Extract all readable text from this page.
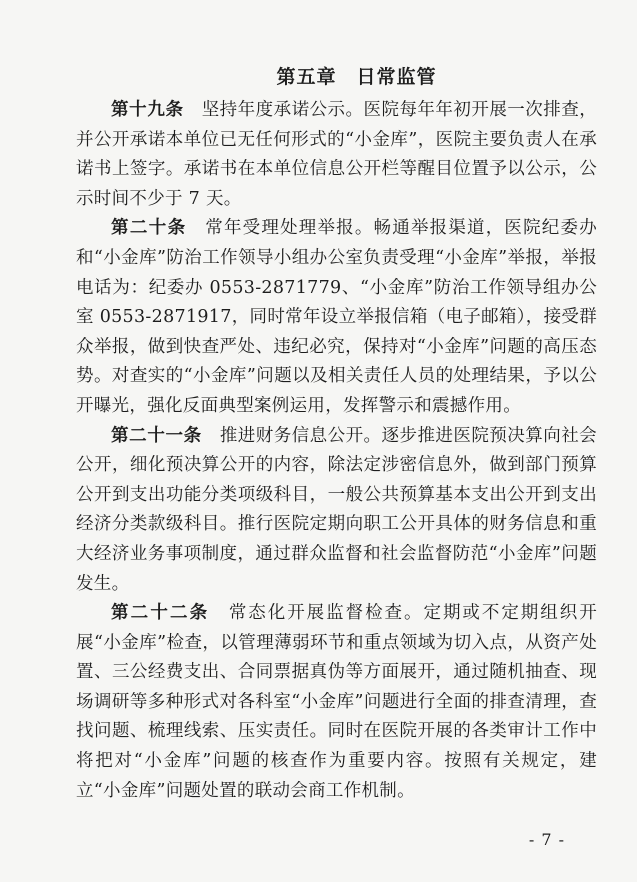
第五章　日常监管

第十九条　 坚持年度承诺公示。医院每年年初开展一次排查，并公开承诺本单位已无任何形式的“小金库”，医院主要负责人在承诺书上签字。承诺书在本单位信息公开栏等醒目位置予以公示，公示时间不少于 7 天。

第二十条　 常年受理处理举报。畅通举报渠道，医院纪委办和“小金库”防治工作领导小组办公室负责受理“小金库”举报，举报电话为：纪委办 0553-2871779、“小金库”防治工作领导组办公室 0553-2871917，同时常年设立举报信箱（电子邮箱），接受群众举报，做到快查严处、违纪必究，保持对“小金库”问题的高压态势。对查实的“小金库”问题以及相关责任人员的处理结果，予以公开曝光，强化反面典型案例运用，发挥警示和震撼作用。

第二十一条　 推进财务信息公开。逐步推进医院预决算向社会公开，细化预决算公开的内容，除法定涉密信息外，做到部门预算公开到支出功能分类项级科目，一般公共预算基本支出公开到支出经济分类款级科目。推行医院定期向职工公开具体的财务信息和重大经济业务事项制度，通过群众监督和社会监督防范“小金库”问题发生。

第二十二条　 常态化开展监督检查。定期或不定期组织开展“小金库”检查，以管理薄弱环节和重点领域为切入点，从资产处置、三公经费支出、合同票据真伪等方面展开，通过随机抽查、现场调研等多种形式对各科室“小金库”问题进行全面的排查清理，查找问题、梳理线索、压实责任。同时在医院开展的各类审计工作中将把对“小金库”问题的核查作为重要内容。按照有关规定，建立“小金库”问题处置的联动会商工作机制。

- 7 -
